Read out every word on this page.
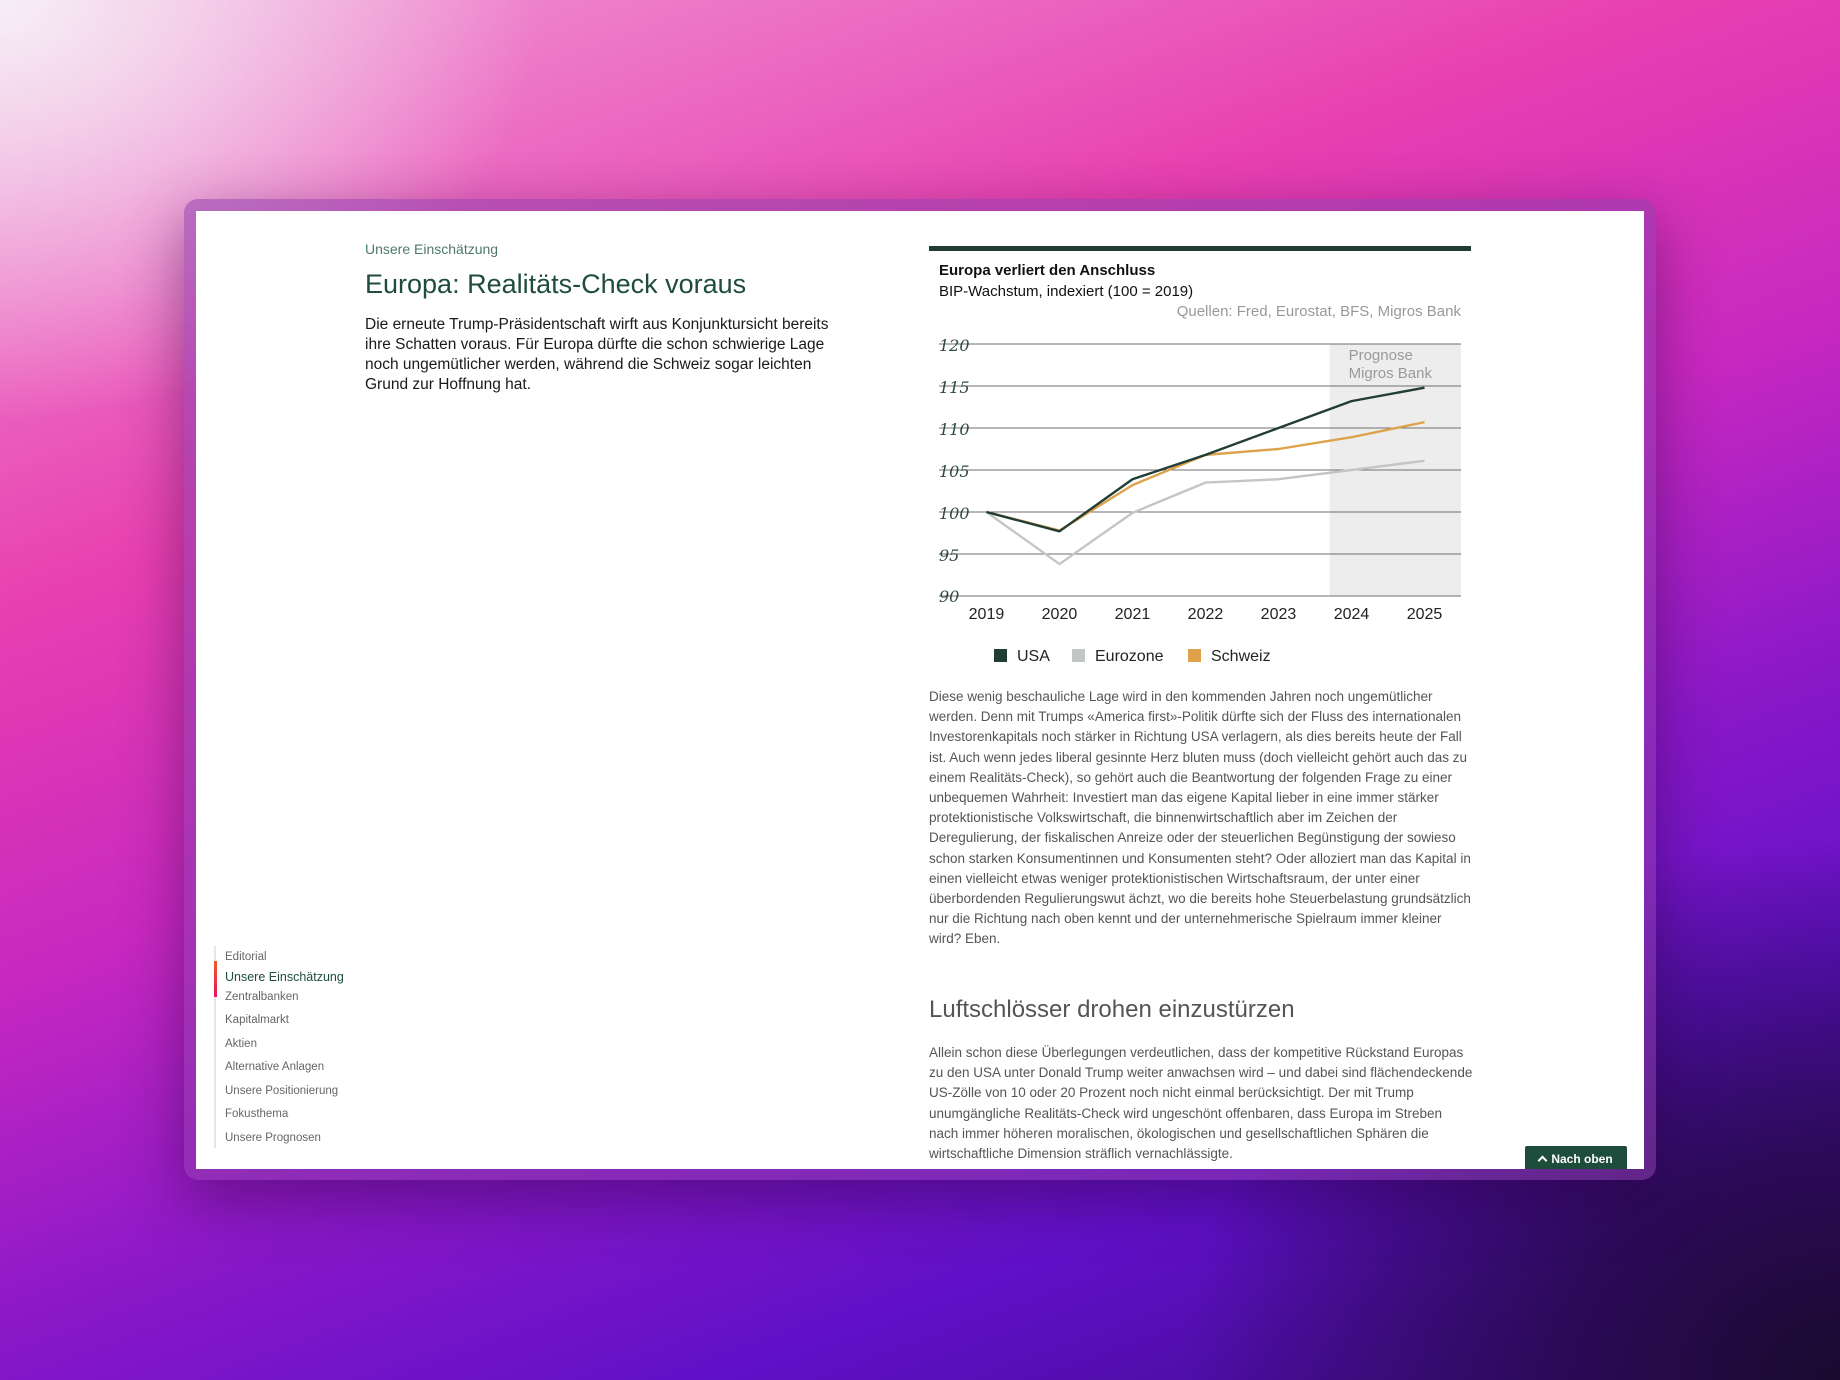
Unsere Einschätzung
Europa: Realitäts-Check voraus

Die erneute Trump-Präsidentschaft wirft aus Konjunktursicht bereits ihre Schatten voraus. Für Europa dürfte die schon schwierige Lage noch ungemütlicher werden, während die Schweiz sogar leichten Grund zur Hoffnung hat.

Editorial
Unsere Einschätzung
Zentralbanken
Kapitalmarkt
Aktien
Alternative Anlagen
Unsere Positionierung
Fokusthema
Unsere Prognosen
Europa verliert den Anschluss
BIP-Wachstum, indexiert (100 = 2019)
Quellen: Fred, Eurostat, BFS, Migros Bank
Prognose
Migros Bank
90
95
100
105
110
115
120
2019 2020 2021 2022 2023 2024 2025
USA	Eurozone	Schweiz

Diese wenig beschauliche Lage wird in den kommenden Jahren noch ungemütlicher werden. Denn mit Trumps «America first»-Politik dürfte sich der Fluss des internationalen Investorenkapitals noch stärker in Richtung USA verlagern, als dies bereits heute der Fall ist. Auch wenn jedes liberal gesinnte Herz bluten muss (doch vielleicht gehört auch das zu einem Realitäts-Check), so gehört auch die Beantwortung der folgenden Frage zu einer unbequemen Wahrheit: Investiert man das eigene Kapital lieber in eine immer stärker protektionistische Volkswirtschaft, die binnenwirtschaftlich aber im Zeichen der Deregulierung, der fiskalischen Anreize oder der steuerlichen Begünstigung der sowieso schon starken Konsumentinnen und Konsumenten steht? Oder alloziert man das Kapital in einen vielleicht etwas weniger protektionistischen Wirtschaftsraum, der unter einer überbordenden Regulierungswut ächzt, wo die bereits hohe Steuerbelastung grundsätzlich nur die Richtung nach oben kennt und der unternehmerische Spielraum immer kleiner wird? Eben.

Luftschlösser drohen einzustürzen

Allein schon diese Überlegungen verdeutlichen, dass der kompetitive Rückstand Europas zu den USA unter Donald Trump weiter anwachsen wird – und dabei sind flächendeckende US-Zölle von 10 oder 20 Prozent noch nicht einmal berücksichtigt. Der mit Trump unumgängliche Realitäts-Check wird ungeschönt offenbaren, dass Europa im Streben nach immer höheren moralischen, ökologischen und gesellschaftlichen Sphären die wirtschaftliche Dimension sträflich vernachlässigte.	Nach oben
